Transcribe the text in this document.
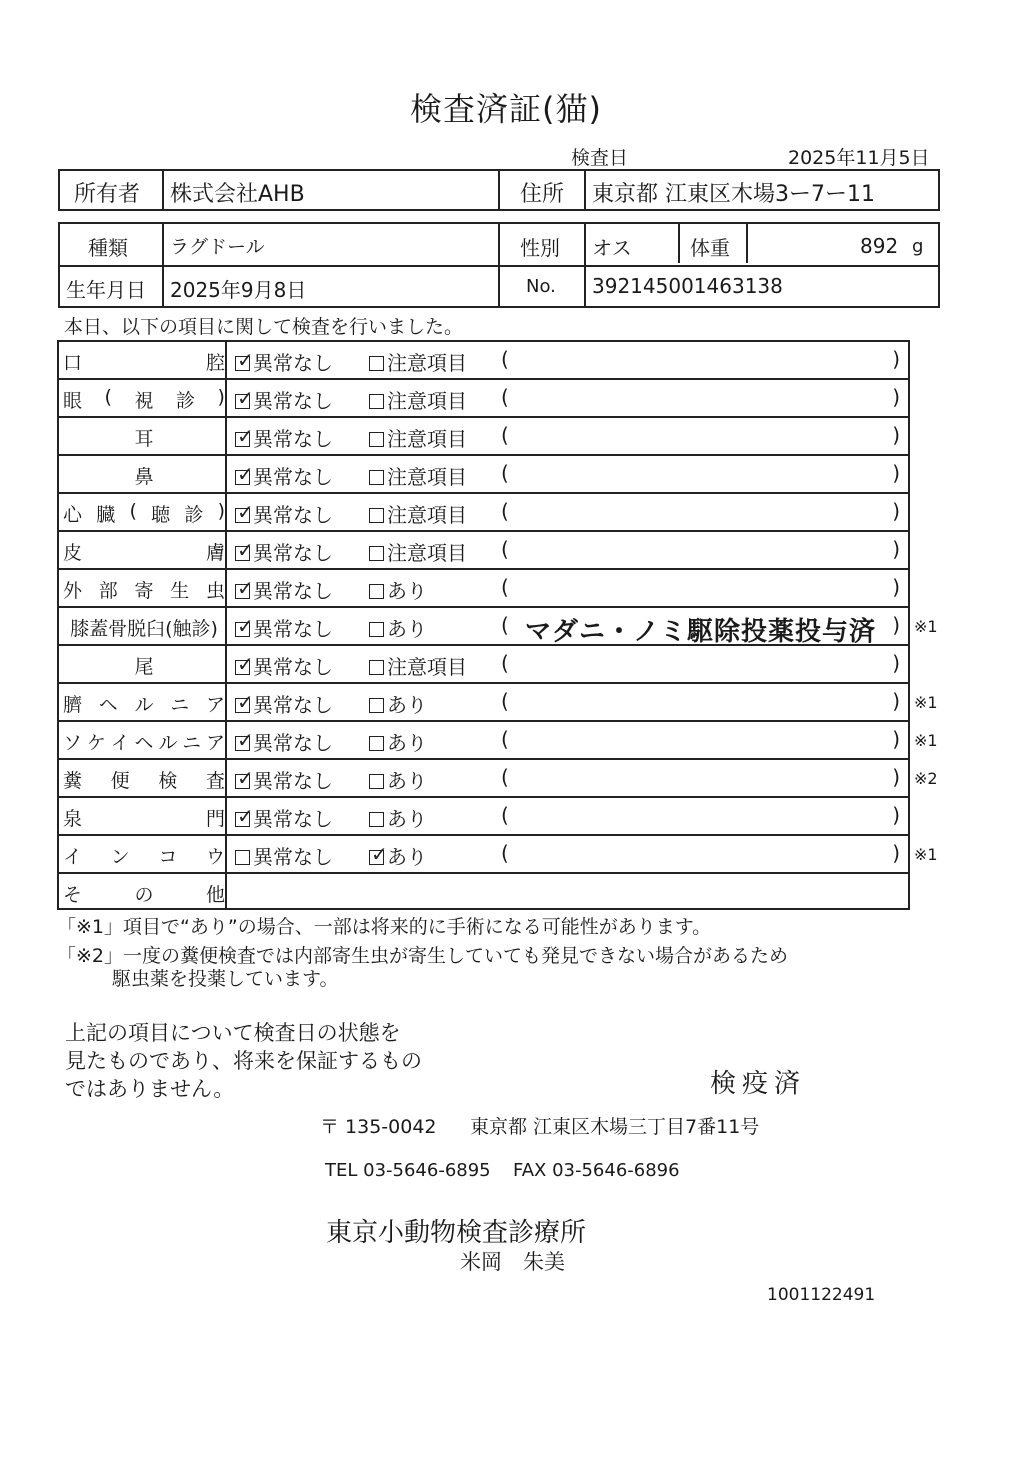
検査済証(猫)
検査日	2025年11月5日
所有者 株式会社AHB	住所 東京都 江東区木場3ー7ー11
種類 ラグドール	性別 オス	体重	892 g
生年月日 2025年9月8日	No. 392145001463138
本日、以下の項目に関して検査を行いました。
口	腔 ✓ 異常なし	注意項目 (	)
眼 ( 視 診 ) ✓ 異常なし	注意項目 (	)
耳	✓ 異常なし	注意項目 (	)
鼻	✓ 異常なし	注意項目 (	)
心 臓 ( 聴 診 ) ✓ 異常なし	注意項目 (	)
皮	膚 ✓ 異常なし	注意項目 (	)
外 部 寄 生 虫 ✓ 異常なし	あり	(	)
膝蓋骨脱臼(触診) ✓ 異常なし	あり	( マダニ・ノミ駆除投薬投与済 ) ※1
尾	✓ 異常なし	注意項目 (	)
臍 ヘ ル ニ ア ✓ 異常なし	あり	(	) ※1
ソ ケ イ ヘ ル ニ ア ✓ 異常なし	あり	(	) ※1
糞 便 検 査 ✓ 異常なし	あり	(	) ※2
泉	門 ✓ 異常なし	あり	(	)
イ ン コ ウ	異常なし ✓ あり	(	) ※1
そ	の	他
「※1」項目で“あり”の場合、一部は将来的に手術になる可能性があります。
「※2」一度の糞便検査では内部寄生虫が寄生していても発見できない場合があるため
駆虫薬を投薬しています。
上記の項目について検査日の状態を
見たものであり、将来を保証するもの
ではありません。	検疫済
〒 135-0042 東京都 江東区木場三丁目7番11号
TEL 03-5646-6895 FAX 03-5646-6896
東京小動物検査診療所
米岡　朱美
1001122491
